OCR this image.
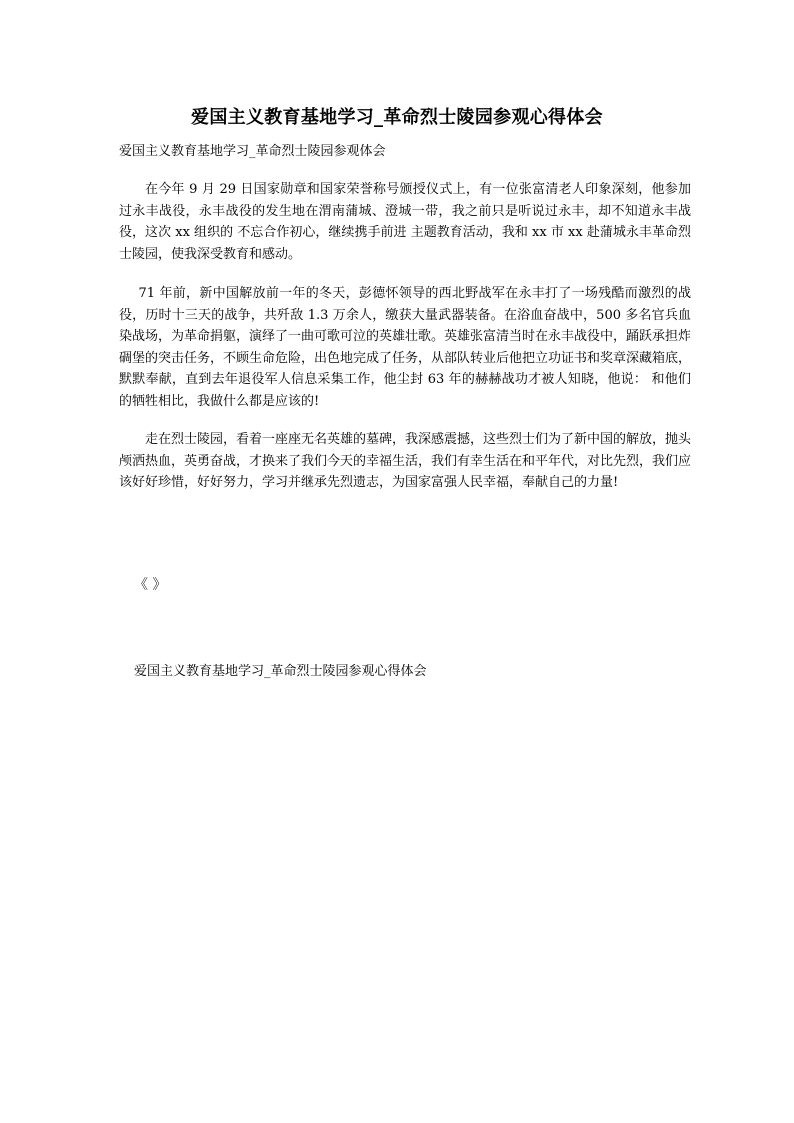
爱国主义教育基地学习_革命烈士陵园参观心得体会
爱国主义教育基地学习_革命烈士陵园参观体会

在今年 9 月 29 日国家勋章和国家荣誉称号颁授仪式上，有一位张富清老人印象深刻，他参加过永丰战役，永丰战役的发生地在渭南蒲城、澄城一带，我之前只是听说过永丰，却不知道永丰战役，这次 xx 组织的 不忘合作初心，继续携手前进 主题教育活动，我和 xx 市 xx 赴蒲城永丰革命烈士陵园，使我深受教育和感动。

71 年前，新中国解放前一年的冬天，彭德怀领导的西北野战军在永丰打了一场残酷而激烈的战役，历时十三天的战争，共歼敌 1.3 万余人，缴获大量武器装备。在浴血奋战中，500 多名官兵血染战场，为革命捐躯，演绎了一曲可歌可泣的英雄壮歌。英雄张富清当时在永丰战役中，踊跃承担炸碉堡的突击任务，不顾生命危险，出色地完成了任务，从部队转业后他把立功证书和奖章深藏箱底，默默奉献，直到去年退役军人信息采集工作，他尘封 63 年的赫赫战功才被人知晓，他说： 和他们的牺牲相比，我做什么都是应该的!

走在烈士陵园，看着一座座无名英雄的墓碑，我深感震撼，这些烈士们为了新中国的解放，抛头颅洒热血，英勇奋战，才换来了我们今天的幸福生活，我们有幸生活在和平年代，对比先烈，我们应该好好珍惜，好好努力，学习并继承先烈遗志，为国家富强人民幸福，奉献自己的力量!

《 》
爱国主义教育基地学习_革命烈士陵园参观心得体会
